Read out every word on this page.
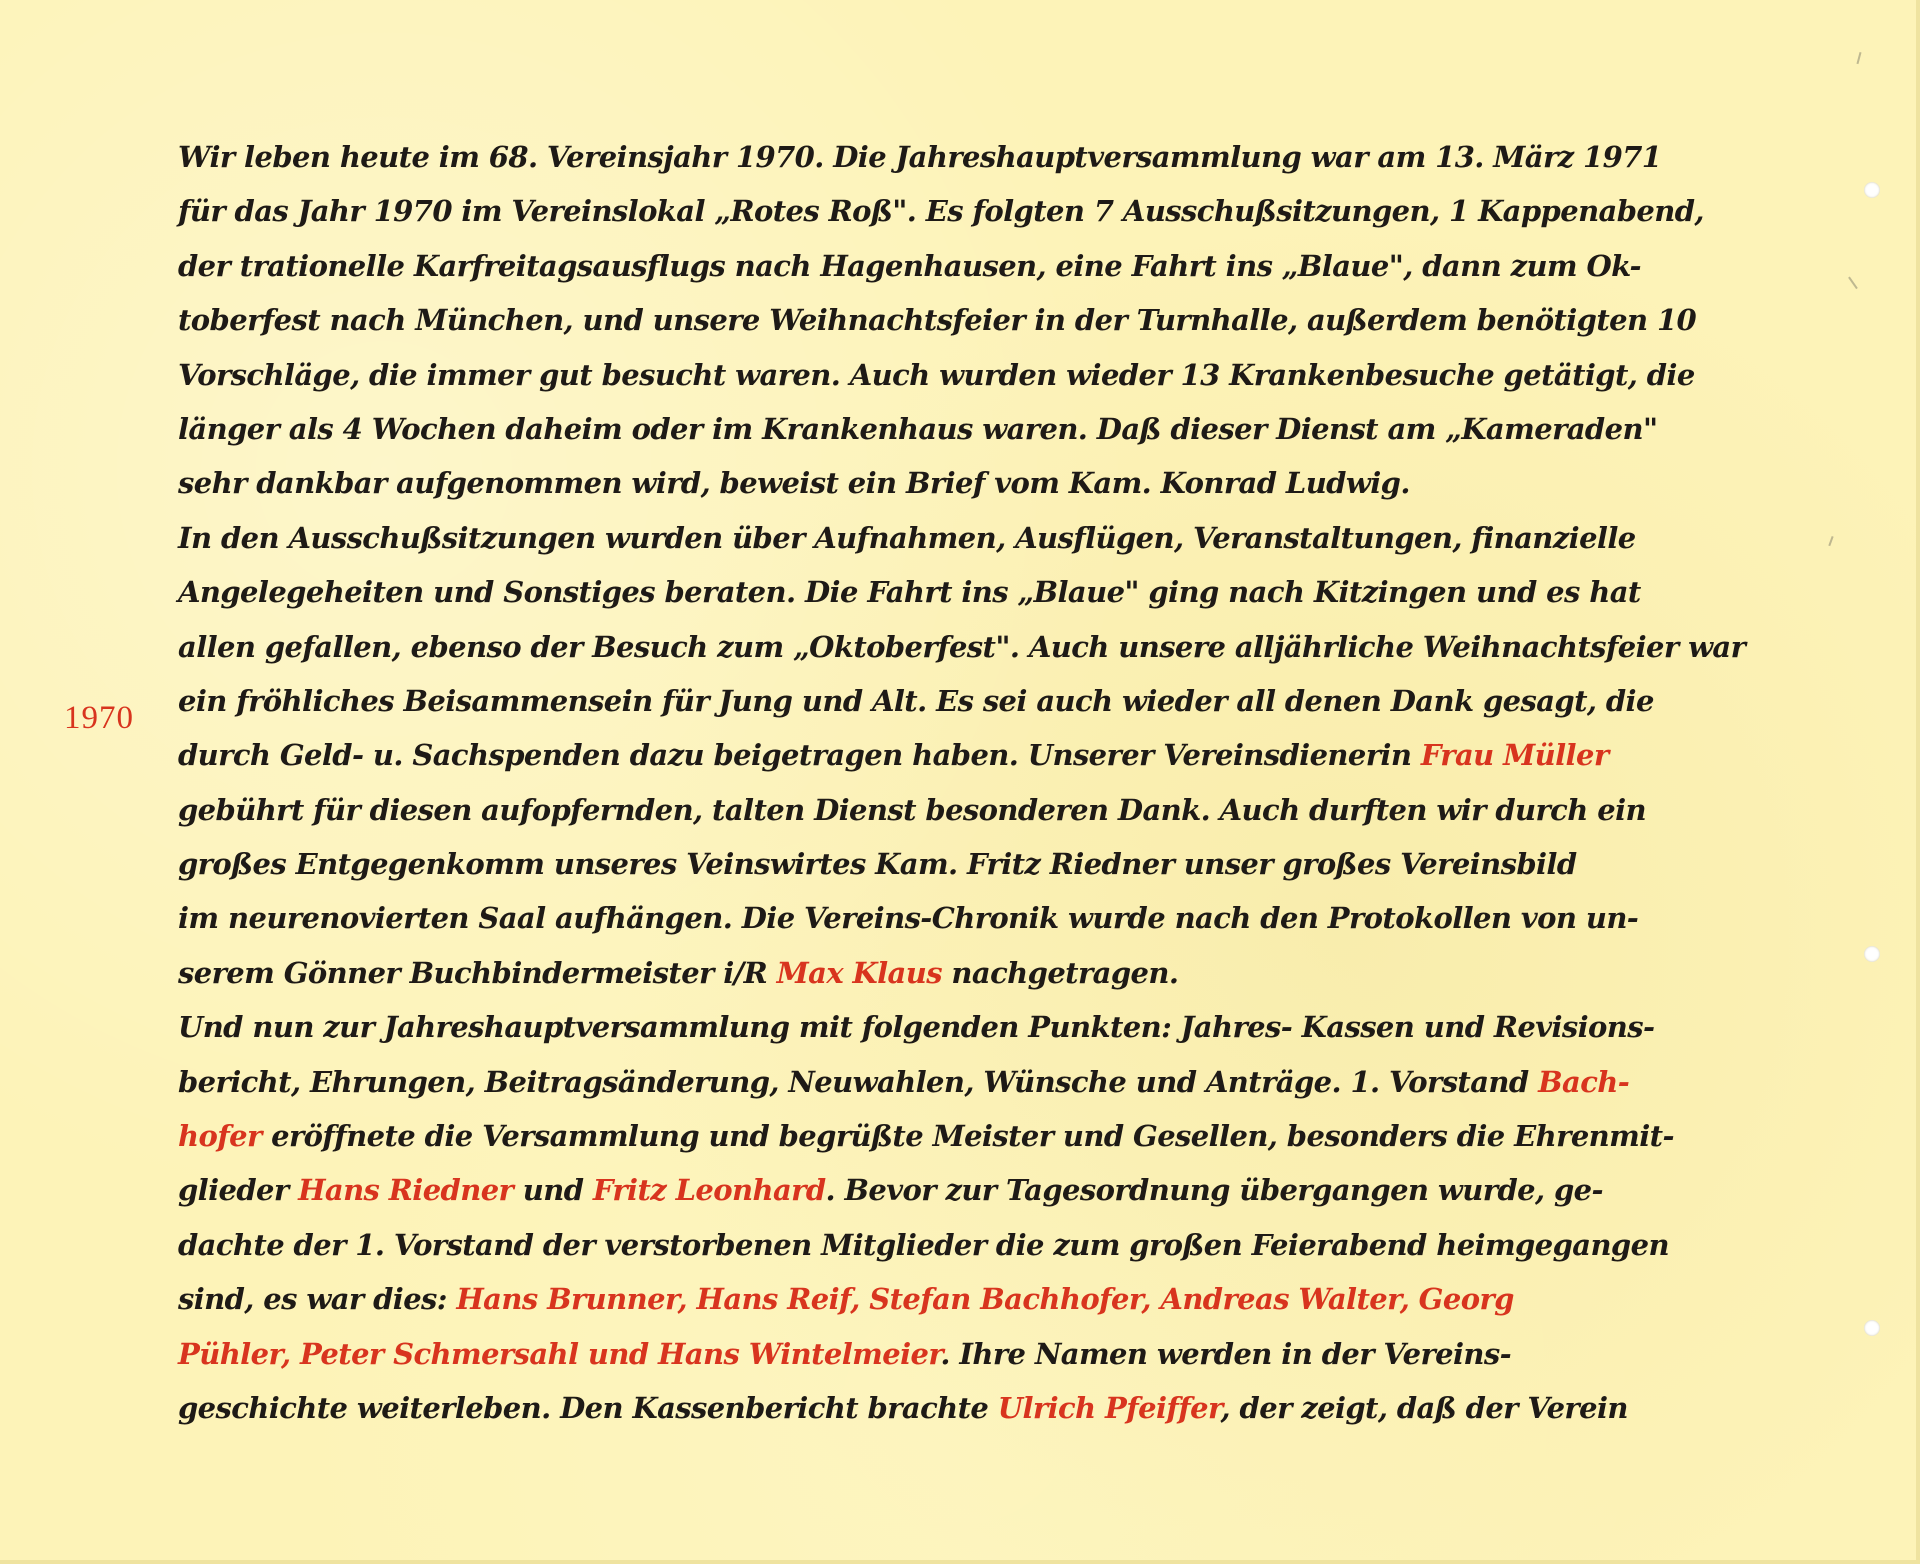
1970
Wir leben heute im 68. Vereinsjahr 1970. Die Jahreshauptversammlung war am 13. März 1971
für das Jahr 1970 im Vereinslokal „Rotes Roß". Es folgten 7 Ausschußsitzungen, 1 Kappenabend,
der trationelle Karfreitagsausflugs nach Hagenhausen, eine Fahrt ins „Blaue", dann zum Ok-
toberfest nach München, und unsere Weihnachtsfeier in der Turnhalle, außerdem benötigten 10
Vorschläge, die immer gut besucht waren. Auch wurden wieder 13 Krankenbesuche getätigt, die
länger als 4 Wochen daheim oder im Krankenhaus waren. Daß dieser Dienst am „Kameraden"
sehr dankbar aufgenommen wird, beweist ein Brief vom Kam. Konrad Ludwig.
In den Ausschußsitzungen wurden über Aufnahmen, Ausflügen, Veranstaltungen, finanzielle
Angelegeheiten und Sonstiges beraten. Die Fahrt ins „Blaue" ging nach Kitzingen und es hat
allen gefallen, ebenso der Besuch zum „Oktoberfest". Auch unsere alljährliche Weihnachtsfeier war
ein fröhliches Beisammensein für Jung und Alt. Es sei auch wieder all denen Dank gesagt, die
durch Geld- u. Sachspenden dazu beigetragen haben. Unserer Vereinsdienerin Frau Müller
gebührt für diesen aufopfernden, talten Dienst besonderen Dank. Auch durften wir durch ein
großes Entgegenkomm unseres Veinswirtes Kam. Fritz Riedner unser großes Vereinsbild
im neurenovierten Saal aufhängen. Die Vereins-Chronik wurde nach den Protokollen von un-
serem Gönner Buchbindermeister i/R Max Klaus nachgetragen.
Und nun zur Jahreshauptversammlung mit folgenden Punkten: Jahres- Kassen und Revisions-
bericht, Ehrungen, Beitragsänderung, Neuwahlen, Wünsche und Anträge. 1. Vorstand Bach-
hofer eröffnete die Versammlung und begrüßte Meister und Gesellen, besonders die Ehrenmit-
glieder Hans Riedner und Fritz Leonhard. Bevor zur Tagesordnung übergangen wurde, ge-
dachte der 1. Vorstand der verstorbenen Mitglieder die zum großen Feierabend heimgegangen
sind, es war dies: Hans Brunner, Hans Reif, Stefan Bachhofer, Andreas Walter, Georg
Pühler, Peter Schmersahl und Hans Wintelmeier. Ihre Namen werden in der Vereins-
geschichte weiterleben. Den Kassenbericht brachte Ulrich Pfeiffer, der zeigt, daß der Verein
